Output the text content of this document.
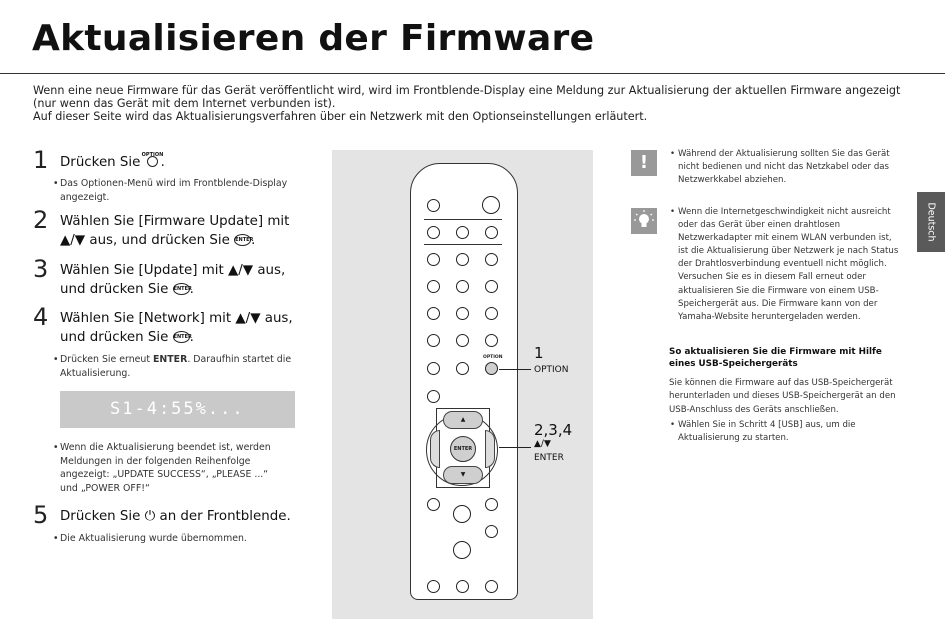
Aktualisieren der Firmware

Wenn eine neue Firmware für das Gerät veröffentlicht wird, wird im Frontblende-Display eine Meldung zur Aktualisierung der aktuellen Firmware angezeigt (nur wenn das Gerät mit dem Internet verbunden ist).

Auf dieser Seite wird das Aktualisierungsverfahren über ein Netzwerk mit den Optionseinstellungen erläutert.

1 Drücken Sie OPTION
.
• Das Optionen-Menü wird im Frontblende-Display angezeigt.
2 Wählen Sie [Firmware Update] mit
▲/▼ aus, und drücken Sie ENTER.
3 Wählen Sie [Update] mit ▲/▼ aus,
und drücken Sie ENTER.
4 Wählen Sie [Network] mit ▲/▼ aus,
und drücken Sie ENTER.
• Drücken Sie erneut ENTER. Daraufhin startet die Aktualisierung.
S1-4:55%...
• Wenn die Aktualisierung beendet ist, werden Meldungen in der folgenden Reihenfolge angezeigt: „UPDATE SUCCESS“, „PLEASE ...“ und „POWER OFF!“
5 Drücken Sie ⏻ an der Frontblende.
• Die Aktualisierung wurde übernommen.
OPTION
▲
▼
ENTER
1
OPTION
2,3,4
▲/▼
ENTER
!
•	Während der Aktualisierung sollten Sie das Gerät nicht bedienen und nicht das Netzkabel oder das Netzwerkkabel abziehen.
• Wenn die Internetgeschwindigkeit nicht ausreicht oder das Gerät über einen drahtlosen Netzwerkadapter mit einem WLAN verbunden ist, ist die Aktualisierung über Netzwerk je nach Status der Drahtlosverbindung eventuell nicht möglich. Versuchen Sie es in diesem Fall erneut oder aktualisieren Sie die Firmware von einem USB-Speichergerät aus. Die Firmware kann von der Yamaha-Website heruntergeladen werden.
So aktualisieren Sie die Firmware mit Hilfe eines USB-Speichergeräts
Sie können die Firmware auf das USB-Speichergerät herunterladen und dieses USB-Speichergerät an den USB-Anschluss des Geräts anschließen.
• Wählen Sie in Schritt 4 [USB] aus, um die Aktualisierung zu starten.
Deutsch
